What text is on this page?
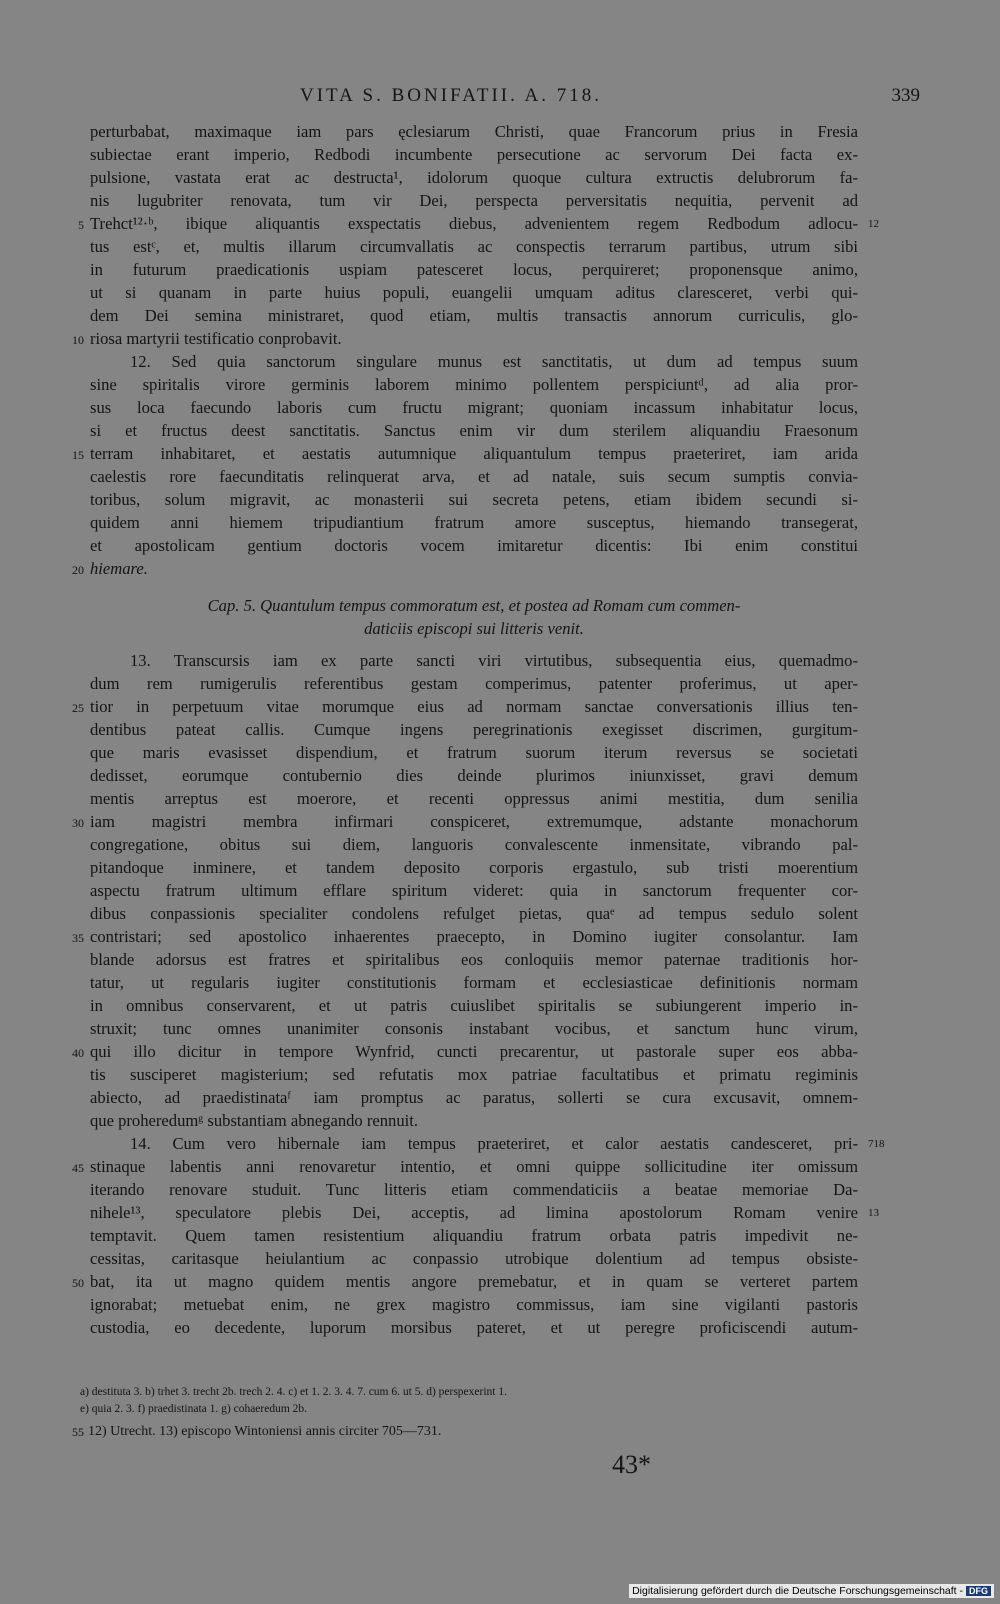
VITA S. BONIFATII. A. 718.	339
perturbabat, maximaque iam pars ęclesiarum Christi, quae Francorum prius in Fresia
subiectae erant imperio, Redbodi incumbente persecutione ac servorum Dei facta ex-
pulsione, vastata erat ac destructa¹, idolorum quoque cultura extructis delubrorum fa-
nis lugubriter renovata, tum vir Dei, perspecta perversitatis nequitia, pervenit ad
Trehct¹²·ᵇ, ibique aliquantis exspectatis diebus, advenientem regem Redbodum adlocu-
tus estᶜ, et, multis illarum circumvallatis ac conspectis terrarum partibus, utrum sibi
in futurum praedicationis uspiam patesceret locus, perquireret; proponensque animo,
ut si quanam in parte huius populi, euangelii umquam aditus claresceret, verbi qui-
dem Dei semina ministraret, quod etiam, multis transactis annorum curriculis, glo-
riosa martyrii testificatio conprobavit.
12. Sed quia sanctorum singulare munus est sanctitatis, ut dum ad tempus suum
sine spiritalis virore germinis laborem minimo pollentem perspiciuntᵈ, ad alia pror-
sus loca faecundo laboris cum fructu migrant; quoniam incassum inhabitatur locus,
si et fructus deest sanctitatis. Sanctus enim vir dum sterilem aliquandiu Fraesonum
terram inhabitaret, et aestatis autumnique aliquantulum tempus praeteriret, iam arida
caelestis rore faecunditatis relinquerat arva, et ad natale, suis secum sumptis convia-
toribus, solum migravit, ac monasterii sui secreta petens, etiam ibidem secundi si-
quidem anni hiemem tripudiantium fratrum amore susceptus, hiemando transegerat,
et apostolicam gentium doctoris vocem imitaretur dicentis: Ibi enim constitui
hiemare.
Cap. 5. Quantulum tempus commoratum est, et postea ad Romam cum commen-
daticiis episcopi sui litteris venit.
13. Transcursis iam ex parte sancti viri virtutibus, subsequentia eius, quemadmo-
dum rem rumigerulis referentibus gestam comperimus, patenter proferimus, ut aper-
tior in perpetuum vitae morumque eius ad normam sanctae conversationis illius ten-
dentibus pateat callis. Cumque ingens peregrinationis exegisset discrimen, gurgitum-
que maris evasisset dispendium, et fratrum suorum iterum reversus se societati
dedisset, eorumque contubernio dies deinde plurimos iniunxisset, gravi demum
mentis arreptus est moerore, et recenti oppressus animi mestitia, dum senilia
iam magistri membra infirmari conspiceret, extremumque, adstante monachorum
congregatione, obitus sui diem, languoris convalescente inmensitate, vibrando pal-
pitandoque inminere, et tandem deposito corporis ergastulo, sub tristi moerentium
aspectu fratrum ultimum efflare spiritum videret: quia in sanctorum frequenter cor-
dibus conpassionis specialiter condolens refulget pietas, quaᵉ ad tempus sedulo solent
contristari; sed apostolico inhaerentes praecepto, in Domino iugiter consolantur. Iam
blande adorsus est fratres et spiritalibus eos conloquiis memor paternae traditionis hor-
tatur, ut regularis iugiter constitutionis formam et ecclesiasticae definitionis normam
in omnibus conservarent, et ut patris cuiuslibet spiritalis se subiungerent imperio in-
struxit; tunc omnes unanimiter consonis instabant vocibus, et sanctum hunc virum,
qui illo dicitur in tempore Wynfrid, cuncti precarentur, ut pastorale super eos abba-
tis susciperet magisterium; sed refutatis mox patriae facultatibus et primatu regiminis
abiecto, ad praedistinataᶠ iam promptus ac paratus, sollerti se cura excusavit, omnem-
que proheredumᵍ substantiam abnegando rennuit.
14. Cum vero hibernale iam tempus praeteriret, et calor aestatis candesceret, pri-
stinaque labentis anni renovaretur intentio, et omni quippe sollicitudine iter omissum
iterando renovare studuit. Tunc litteris etiam commendaticiis a beatae memoriae Da-
nihele¹³, speculatore plebis Dei, acceptis, ad limina apostolorum Romam venire
temptavit. Quem tamen resistentium aliquandiu fratrum orbata patris impedivit ne-
cessitas, caritasque heiulantium ac conpassio utrobique dolentium ad tempus obsiste-
bat, ita ut magno quidem mentis angore premebatur, et in quam se verteret partem
ignorabat; metuebat enim, ne grex magistro commissus, iam sine vigilanti pastoris
custodia, eo decedente, luporum morsibus pateret, et ut peregre proficiscendi autum-
5
10
15
20
25
30
35
40
45
50
55
12
718
13
a) destituta 3. b) trhet 3. trecht 2b. trech 2. 4. c) et 1. 2. 3. 4. 7. cum 6. ut 5. d) perspexerint 1.
e) quia 2. 3. f) praedistinata 1. g) cohaeredum 2b.
12) Utrecht. 13) episcopo Wintoniensi annis circiter 705—731.
43*
Digitalisierung gefördert durch die Deutsche Forschungsgemeinschaft - DFG
